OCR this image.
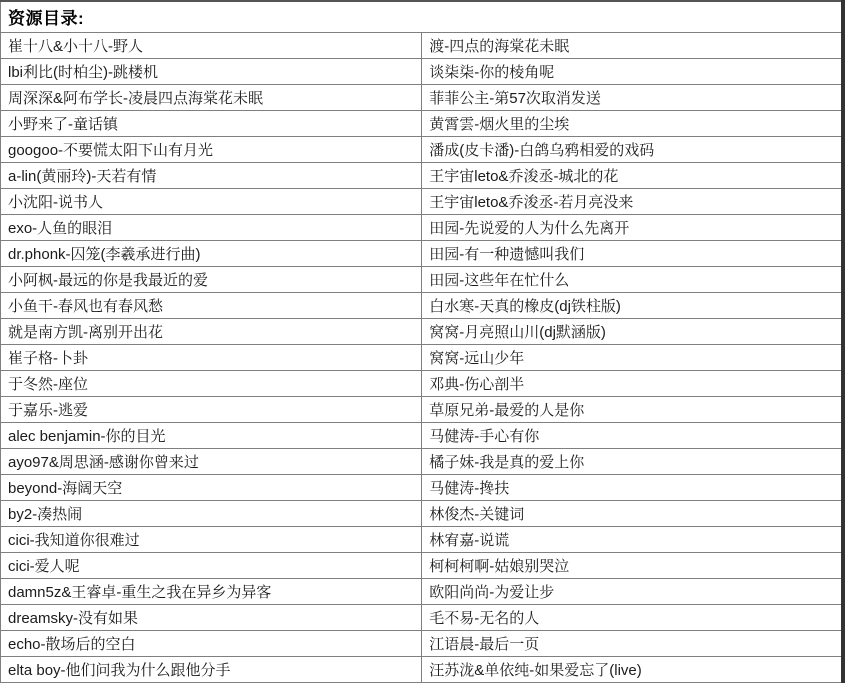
资源目录:	
崔十八&小十八-野人	渡-四点的海棠花未眠
lbi利比(时柏尘)-跳楼机	谈柒柒-你的棱角呢
周深深&阿布学长-凌晨四点海棠花未眠	菲菲公主-第57次取消发送
小野来了-童话镇	黄霄雲-烟火里的尘埃
googoo-不要慌太阳下山有月光	潘成(皮卡潘)-白鸽乌鸦相爱的戏码
a-lin(黄丽玲)-天若有情	王宇宙leto&乔浚丞-城北的花
小沈阳-说书人	王宇宙leto&乔浚丞-若月亮没来
exo-人鱼的眼泪	田园-先说爱的人为什么先离开
dr.phonk-囚笼(李羲承进行曲)	田园-有一种遗憾叫我们
小阿枫-最远的你是我最近的爱	田园-这些年在忙什么
小鱼干-春风也有春风愁	白水寒-天真的橡皮(dj铁柱版)
就是南方凯-离别开出花	窝窝-月亮照山川(dj默涵版)
崔子格-卜卦	窝窝-远山少年
于冬然-座位	邓典-伤心剖半
于嘉乐-逃爱	草原兄弟-最爱的人是你
alec benjamin-你的目光	马健涛-手心有你
ayo97&周思涵-感谢你曾来过	橘子妹-我是真的爱上你
beyond-海阔天空	马健涛-搀扶
by2-凑热闹	林俊杰-关键词
cici-我知道你很难过	林宥嘉-说谎
cici-爱人呢	柯柯柯啊-姑娘别哭泣
damn5z&王睿卓-重生之我在异乡为异客	欧阳尚尚-为爱让步
dreamsky-没有如果	毛不易-无名的人
echo-散场后的空白	江语晨-最后一页
elta boy-他们问我为什么跟他分手	汪苏泷&单依纯-如果爱忘了(live)
